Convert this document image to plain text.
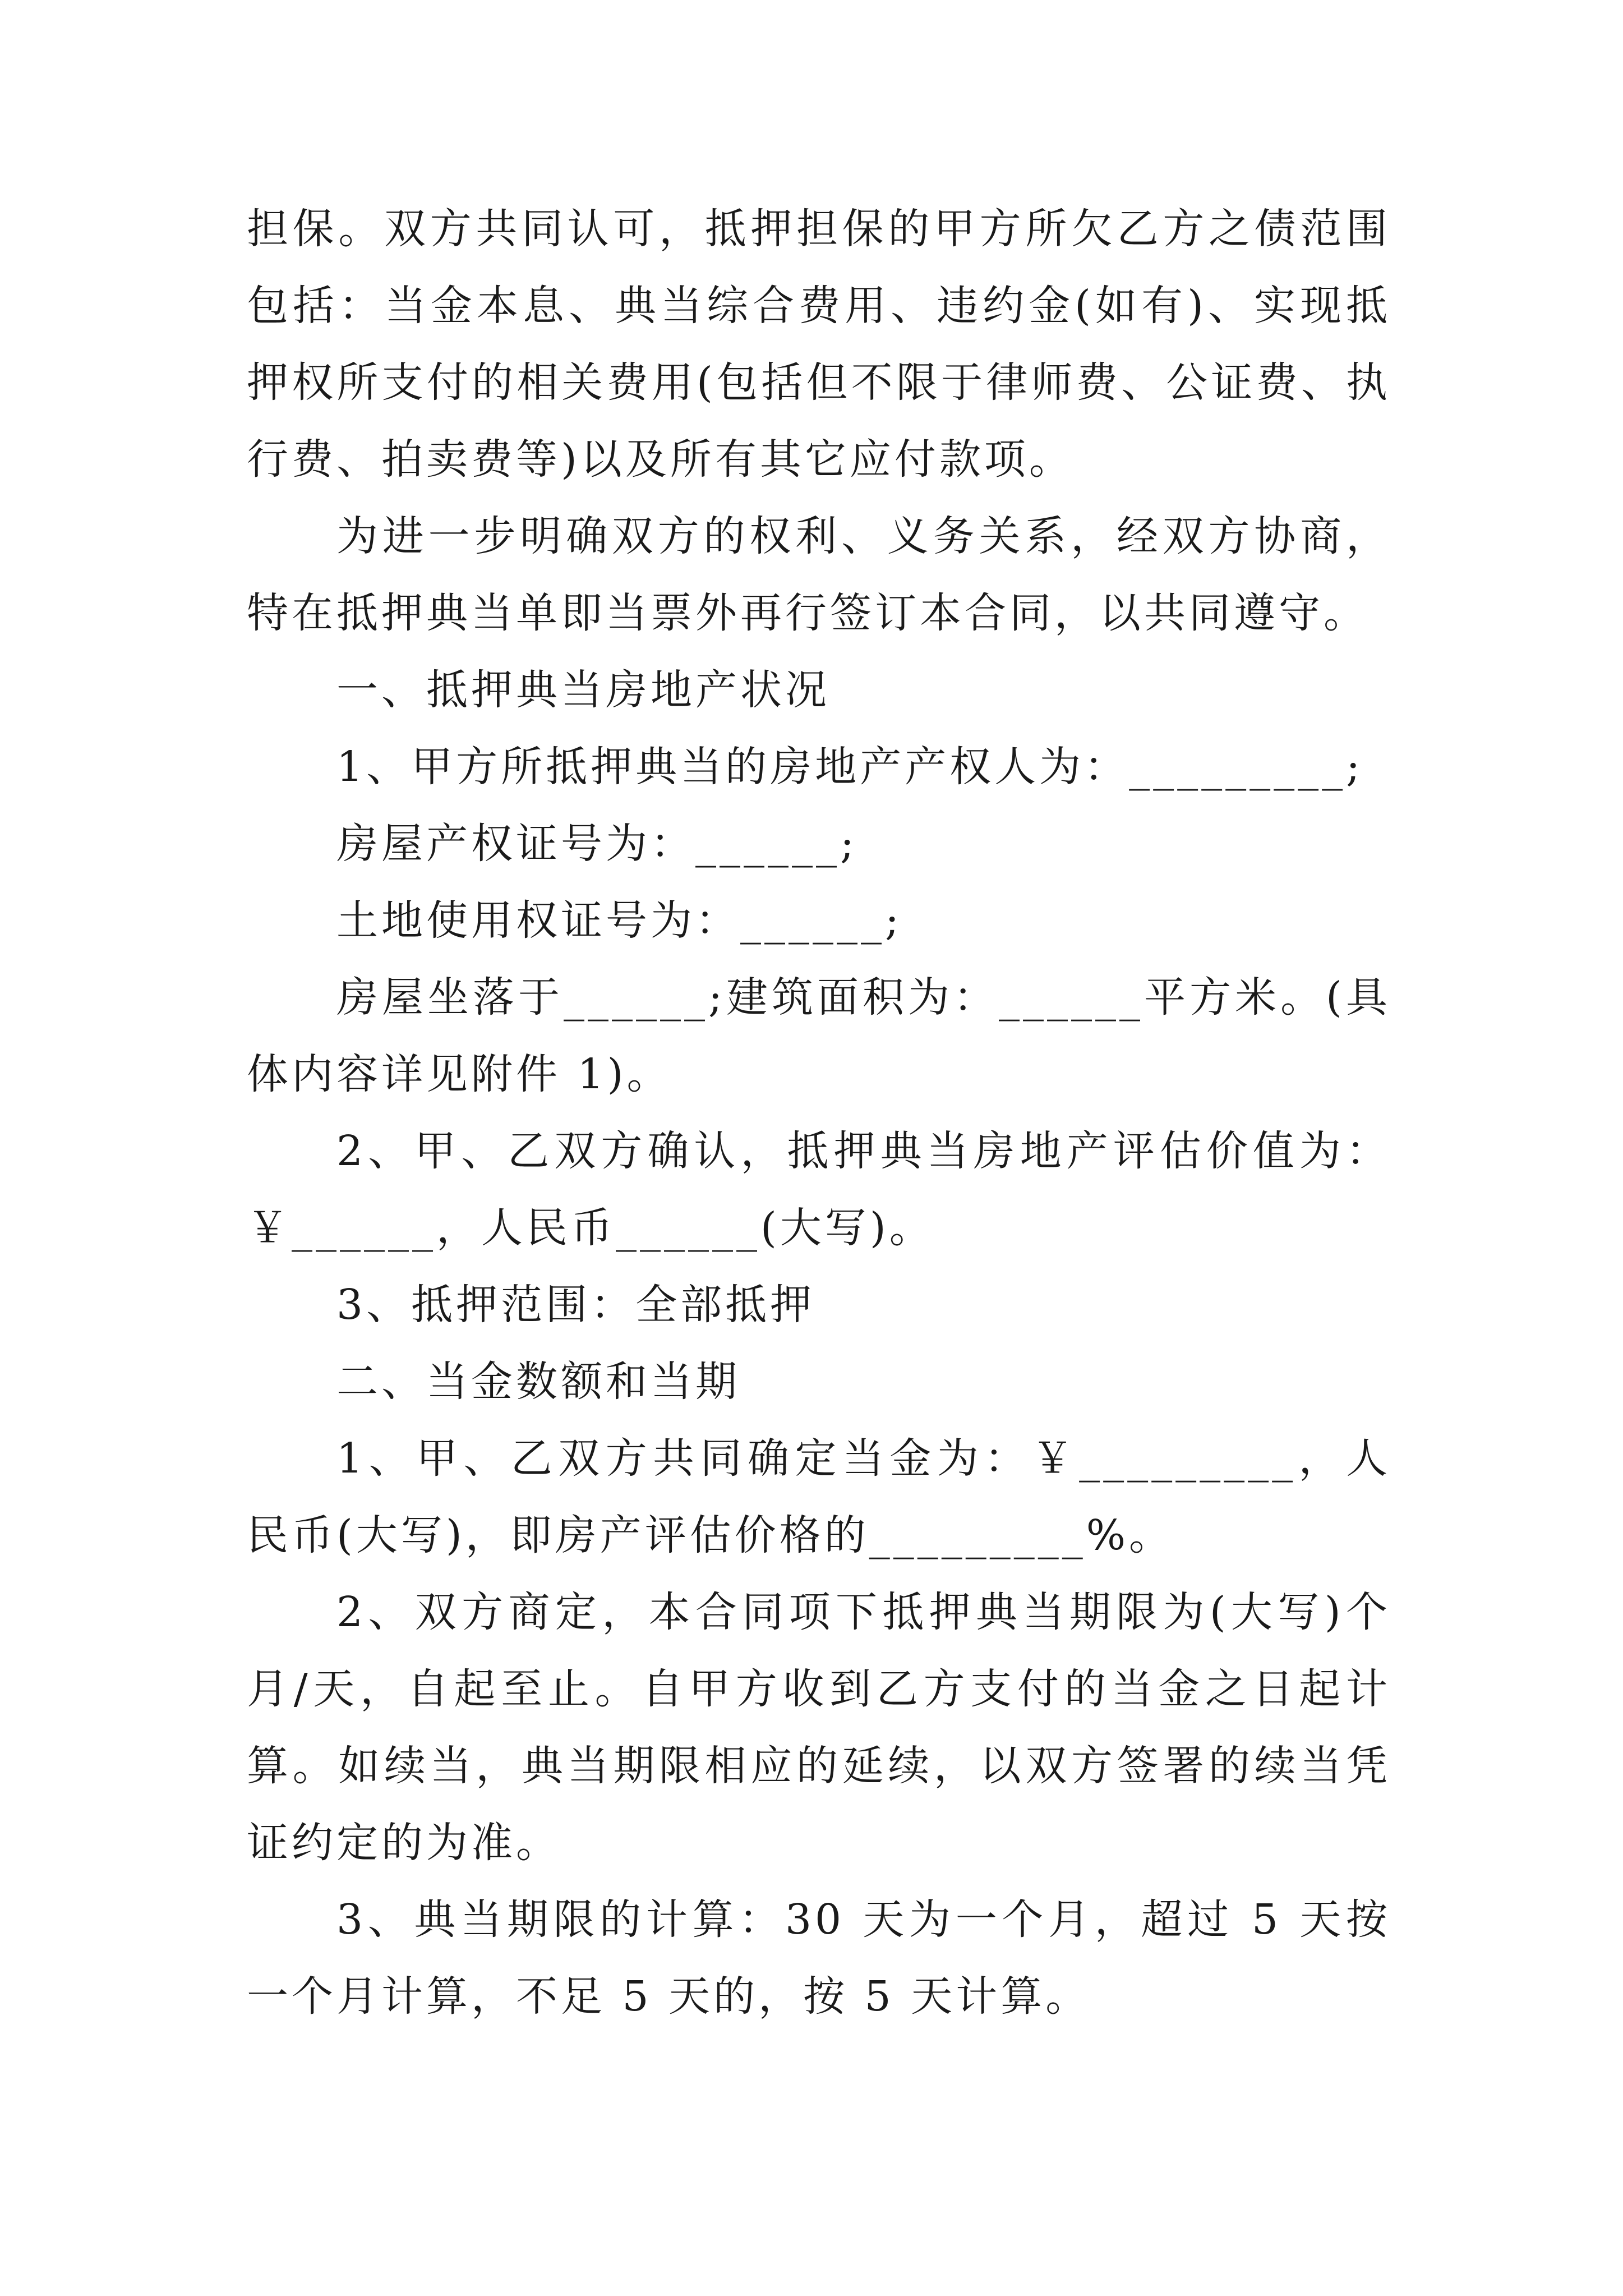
担保。双方共同认可，抵押担保的甲方所欠乙方之债范围包括：当金本息、典当综合费用、违约金(如有)、实现抵押权所支付的相关费用(包括但不限于律师费、公证费、执行费、拍卖费等)以及所有其它应付款项。

为进一步明确双方的权利、义务关系，经双方协商，特在抵押典当单即当票外再行签订本合同，以共同遵守。

一、抵押典当房地产状况

1、甲方所抵押典当的房地产产权人为：_________;

房屋产权证号为：______;

土地使用权证号为：______;

房屋坐落于______;建筑面积为：______平方米。(具体内容详见附件 1)。

2、甲、乙双方确认，抵押典当房地产评估价值为：￥______，人民币______(大写)。

3、抵押范围：全部抵押

二、当金数额和当期

1、甲、乙双方共同确定当金为：￥_________，人民币(大写)，即房产评估价格的_________%。

2、双方商定，本合同项下抵押典当期限为(大写)个月/天，自起至止。自甲方收到乙方支付的当金之日起计算。如续当，典当期限相应的延续，以双方签署的续当凭证约定的为准。

3、典当期限的计算：30 天为一个月，超过 5 天按一个月计算，不足 5 天的，按 5 天计算。
